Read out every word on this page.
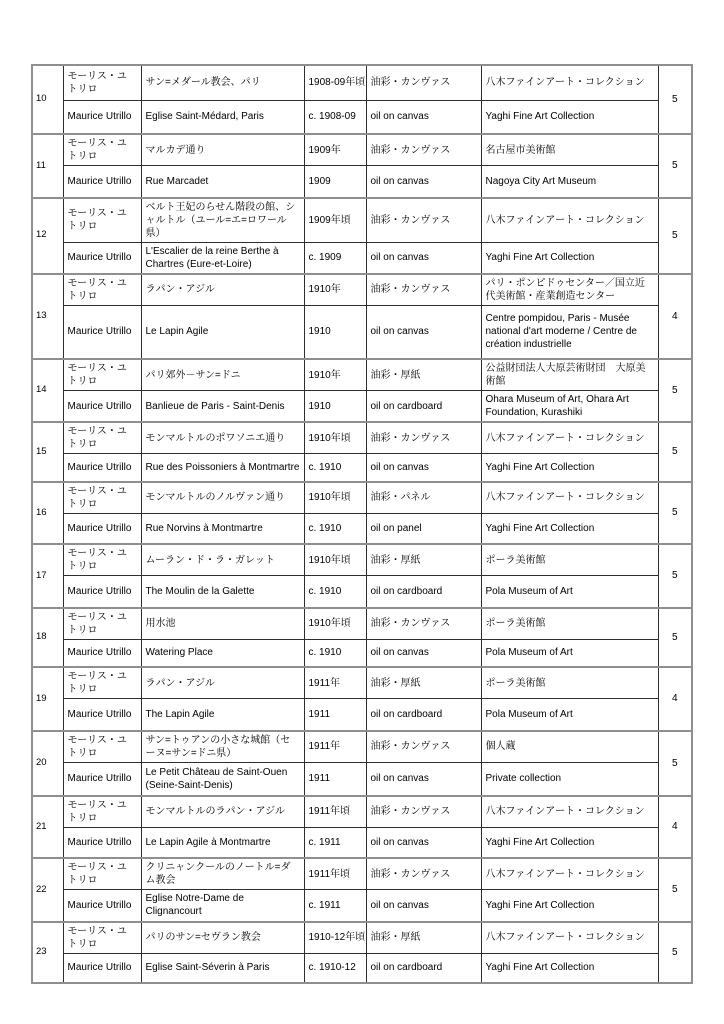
10	モーリス・ユトリロ	サン=メダール教会、パリ	1908-09年頃	油彩・カンヴァス	八木ファインアート・コレクション	5
	Maurice Utrillo	Eglise Saint-Médard, Paris	c. 1908-09	oil on canvas	Yaghi Fine Art Collection	
11	モーリス・ユトリロ	マルカデ通り	1909年	油彩・カンヴァス	名古屋市美術館	5
	Maurice Utrillo	Rue Marcadet	1909	oil on canvas	Nagoya City Art Museum	
12	モーリス・ユトリロ	ベルト王妃のらせん階段の館、シャルトル（ユール=エ=ロワール県）	1909年頃	油彩・カンヴァス	八木ファインアート・コレクション	5
	Maurice Utrillo	L'Escalier de la reine Berthe à Chartres (Eure-et-Loire)	c. 1909	oil on canvas	Yaghi Fine Art Collection	
13	モーリス・ユトリロ	ラパン・アジル	1910年	油彩・カンヴァス	パリ・ポンピドゥセンター／国立近代美術館・産業創造センター	4
	Maurice Utrillo	Le Lapin Agile	1910	oil on canvas	Centre pompidou, Paris - Musée national d'art moderne / Centre de création industrielle	
14	モーリス・ユトリロ	パリ郊外－サン=ドニ	1910年	油彩・厚紙	公益財団法人大原芸術財団　大原美術館	5
	Maurice Utrillo	Banlieue de Paris - Saint-Denis	1910	oil on cardboard	Ohara Museum of Art, Ohara Art Foundation, Kurashiki	
15	モーリス・ユトリロ	モンマルトルのポワソニエ通り	1910年頃	油彩・カンヴァス	八木ファインアート・コレクション	5
	Maurice Utrillo	Rue des Poissoniers à Montmartre	c. 1910	oil on canvas	Yaghi Fine Art Collection	
16	モーリス・ユトリロ	モンマルトルのノルヴァン通り	1910年頃	油彩・パネル	八木ファインアート・コレクション	5
	Maurice Utrillo	Rue Norvins à Montmartre	c. 1910	oil on panel	Yaghi Fine Art Collection	
17	モーリス・ユトリロ	ムーラン・ド・ラ・ガレット	1910年頃	油彩・厚紙	ポーラ美術館	5
	Maurice Utrillo	The Moulin de la Galette	c. 1910	oil on cardboard	Pola Museum of Art	
18	モーリス・ユトリロ	用水池	1910年頃	油彩・カンヴァス	ポーラ美術館	5
	Maurice Utrillo	Watering Place	c. 1910	oil on canvas	Pola Museum of Art	
19	モーリス・ユトリロ	ラパン・アジル	1911年	油彩・厚紙	ポーラ美術館	4
	Maurice Utrillo	The Lapin Agile	1911	oil on cardboard	Pola Museum of Art	
20	モーリス・ユトリロ	サン=トゥアンの小さな城館（セーヌ=サン=ドニ県）	1911年	油彩・カンヴァス	個人蔵	5
	Maurice Utrillo	Le Petit Château de Saint-Ouen (Seine-Saint-Denis)	1911	oil on canvas	Private collection	
21	モーリス・ユトリロ	モンマルトルのラパン・アジル	1911年頃	油彩・カンヴァス	八木ファインアート・コレクション	4
	Maurice Utrillo	Le Lapin Agile à Montmartre	c. 1911	oil on canvas	Yaghi Fine Art Collection	
22	モーリス・ユトリロ	クリニャンクールのノートル=ダム教会	1911年頃	油彩・カンヴァス	八木ファインアート・コレクション	5
	Maurice Utrillo	Eglise Notre-Dame de Clignancourt	c. 1911	oil on canvas	Yaghi Fine Art Collection	
23	モーリス・ユトリロ	パリのサン=セヴラン教会	1910-12年頃	油彩・厚紙	八木ファインアート・コレクション	5
	Maurice Utrillo	Eglise Saint-Séverin à Paris	c. 1910-12	oil on cardboard	Yaghi Fine Art Collection	
